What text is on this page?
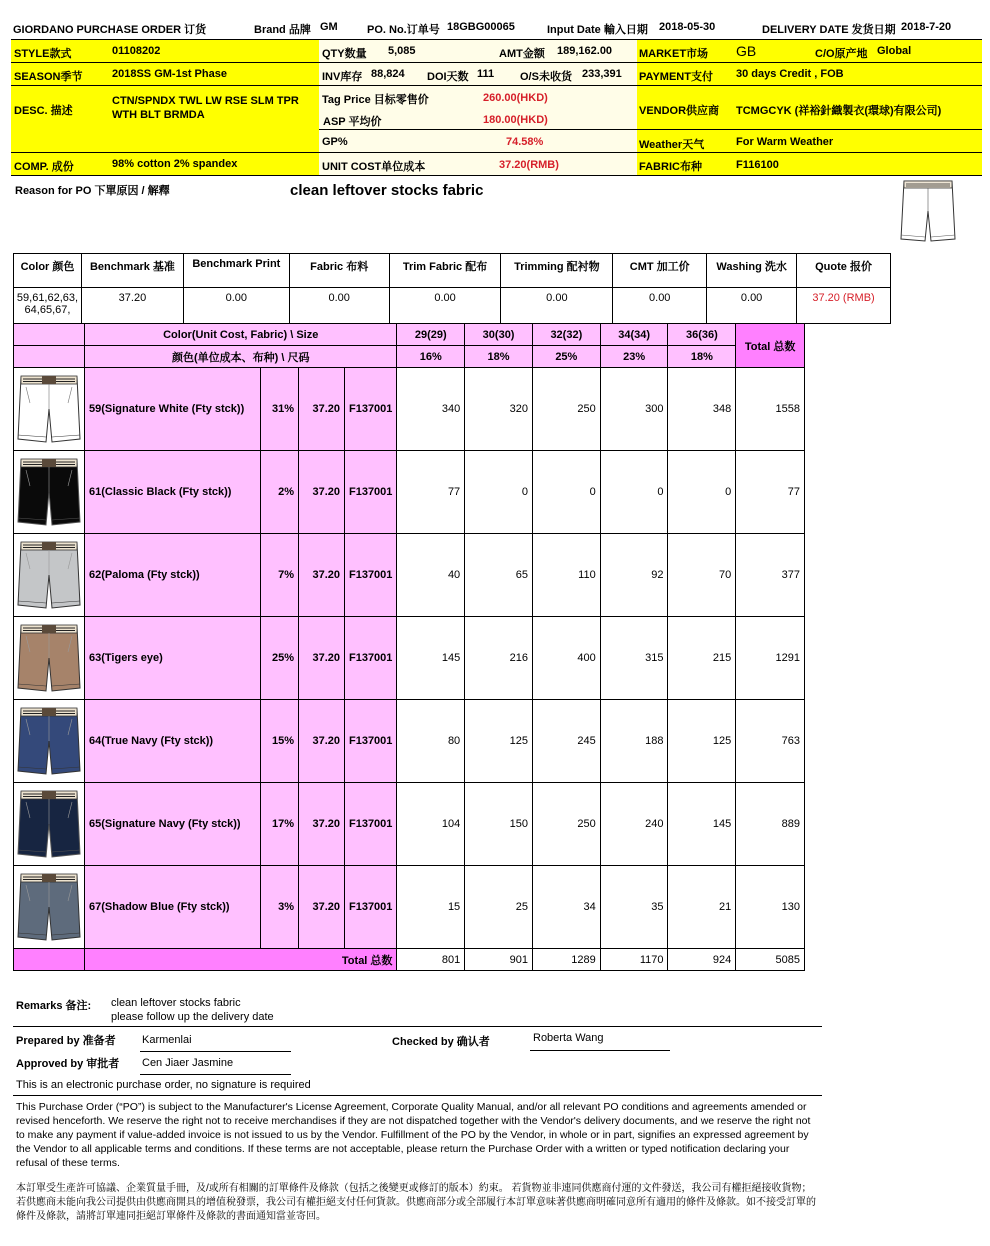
GIORDANO PURCHASE ORDER 订货	Brand 品牌 GM	PO. No.订单号 18GBG00065	Input Date 輸入日期 2018-05-30	DELIVERY DATE 发货日期 2018-7-20
STYLE款式	01108202
SEASON季节	2018SS GM-1st Phase
DESC. 描述
CTN/SPNDX TWL LW RSE SLM TPR
WTH BLT BRMDA
COMP. 成份	98% cotton 2% spandex
QTY数量 5,085	AMT金额 189,162.00
INV库存 88,824 DOI天数 111 O/S未收货 233,391
Tag Price 目标零售价	260.00(HKD)
ASP 平均价	180.00(HKD)
GP%	74.58%
UNIT COST单位成本	37.20(RMB)
MARKET市场 GB	C/O原产地 Global
PAYMENT支付 30 days Credit , FOB
VENDOR供应商 TCMGCYK (祥裕針織製衣(環球)有限公司)
Weather天气	For Warm Weather
FABRIC布种	F116100
Reason for PO 下單原因 / 解釋	clean leftover stocks fabric
Color 颜色	Benchmark 基准	Benchmark Print	Fabric 布料	Trim Fabric 配布	Trimming 配衬物	CMT 加工价	Washing 洗水	Quote 报价
59,61,62,63, 64,65,67,	37.20	0.00	0.00	0.00	0.00	0.00	0.00	37.20 (RMB)
	Color(Unit Cost, Fabric) \ Size				29(29)	30(30)	32(32)	34(34)	36(36)	Total 总数
	颜色(单位成本、布种) \ 尺码				16%	18%	25%	23%	18%	

	59(Signature White (Fty stck))	31%	37.20	F137001	340	320	250	300	348	1558

	61(Classic Black (Fty stck))	2%	37.20	F137001	77	0	0	0	0	77

	62(Paloma (Fty stck))	7%	37.20	F137001	40	65	110	92	70	377

	63(Tigers eye)	25%	37.20	F137001	145	216	400	315	215	1291

	64(True Navy (Fty stck))	15%	37.20	F137001	80	125	245	188	125	763

	65(Signature Navy (Fty stck))	17%	37.20	F137001	104	150	250	240	145	889

	67(Shadow Blue (Fty stck))	3%	37.20	F137001	15	25	34	35	21	130
	Total 总数				801	901	1289	1170	924	5085
Remarks 备注: clean leftover stocks fabric
please follow up the delivery date
Prepared by 准备者 Karmenlai	Checked by 确认者	Roberta Wang
Approved by 审批者 Cen Jiaer Jasmine
This is an electronic purchase order, no signature is required
This Purchase Order (“PO”) is subject to the Manufacturer's License Agreement, Corporate Quality Manual, and/or all relevant PO conditions and agreements amended or revised henceforth. We reserve the right not to receive merchandises if they are not dispatched together with the Vendor's delivery documents, and we reserve the right not to make any payment if value-added invoice is not issued to us by the Vendor. Fulfillment of the PO by the Vendor, in whole or in part, signifies an expressed agreement by the Vendor to all applicable terms and conditions. If these terms are not acceptable, please return the Purchase Order with a written or typed notification declaring your refusal of these terms.
本訂單受生產許可協議、企業質量手冊，及/或所有相關的訂單條件及條款（包括之後變更或修訂的版本）約束。 若貨物並非連同供應商付運的文件發送，我公司有權拒絕接收貨物；若供應商未能向我公司提供由供應商開具的增值稅發票，我公司有權拒絕支付任何貨款。供應商部分或全部履行本訂單意味著供應商明確同意所有適用的條件及條款。如不接受訂單的條件及條款，請將訂單連同拒絕訂單條件及條款的書面通知當並寄回。
